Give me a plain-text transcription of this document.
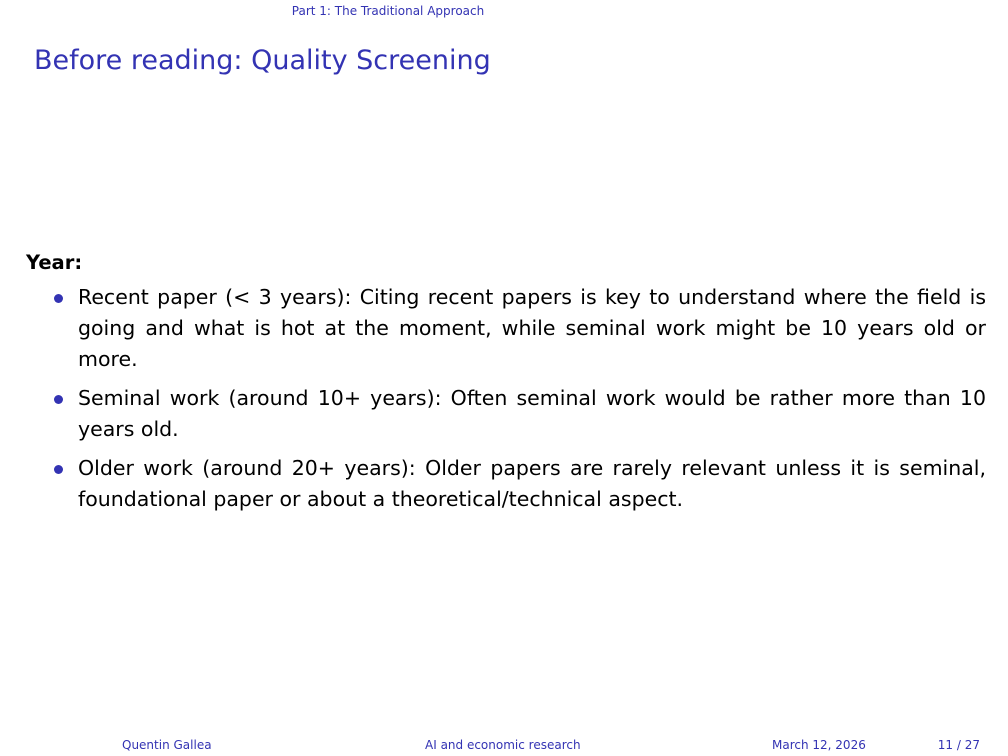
Part 1: The Traditional Approach
Before reading: Quality Screening
Year:
Recent paper (< 3 years): Citing recent papers is key to understand where the field is going and what is hot at the moment, while seminal work might be 10 years old or more.
Seminal work (around 10+ years): Often seminal work would be rather more than 10 years old.
Older work (around 20+ years): Older papers are rarely relevant unless it is seminal, foundational paper or about a theoretical/technical aspect.
Quentin Gallea	AI and economic research	March 12, 2026	11 / 27
